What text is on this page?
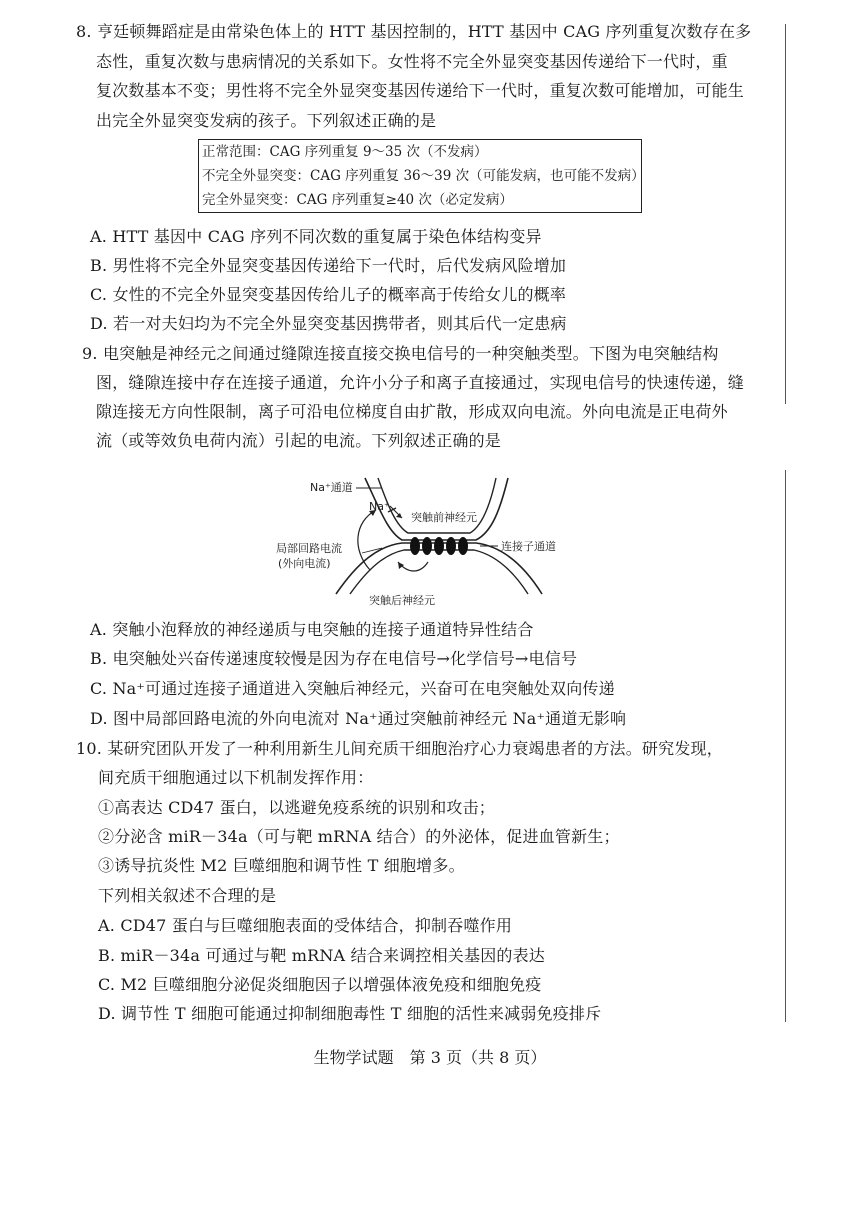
8. 亨廷顿舞蹈症是由常染色体上的 HTT 基因控制的，HTT 基因中 CAG 序列重复次数存在多
态性，重复次数与患病情况的关系如下。女性将不完全外显突变基因传递给下一代时，重
复次数基本不变；男性将不完全外显突变基因传递给下一代时，重复次数可能增加，可能生
出完全外显突变发病的孩子。下列叙述正确的是
正常范围：CAG 序列重复 9～35 次（不发病）
不完全外显突变：CAG 序列重复 36～39 次（可能发病，也可能不发病）
完全外显突变：CAG 序列重复≥40 次（必定发病）
A. HTT 基因中 CAG 序列不同次数的重复属于染色体结构变异
B. 男性将不完全外显突变基因传递给下一代时，后代发病风险增加
C. 女性的不完全外显突变基因传给儿子的概率高于传给女儿的概率
D. 若一对夫妇均为不完全外显突变基因携带者，则其后代一定患病
9. 电突触是神经元之间通过缝隙连接直接交换电信号的一种突触类型。下图为电突触结构
图，缝隙连接中存在连接子通道，允许小分子和离子直接通过，实现电信号的快速传递，缝
隙连接无方向性限制，离子可沿电位梯度自由扩散，形成双向电流。外向电流是正电荷外
流（或等效负电荷内流）引起的电流。下列叙述正确的是
Na⁺通道
Na⁺
突触前神经元
局部回路电流
(外向电流)
连接子通道
突触后神经元
A. 突触小泡释放的神经递质与电突触的连接子通道特异性结合
B. 电突触处兴奋传递速度较慢是因为存在电信号→化学信号→电信号
C. Na⁺可通过连接子通道进入突触后神经元，兴奋可在电突触处双向传递
D. 图中局部回路电流的外向电流对 Na⁺通过突触前神经元 Na⁺通道无影响
10. 某研究团队开发了一种利用新生儿间充质干细胞治疗心力衰竭患者的方法。研究发现，
间充质干细胞通过以下机制发挥作用：
①高表达 CD47 蛋白，以逃避免疫系统的识别和攻击；
②分泌含 miR－34a（可与靶 mRNA 结合）的外泌体，促进血管新生；
③诱导抗炎性 M2 巨噬细胞和调节性 T 细胞增多。
下列相关叙述不合理的是
A. CD47 蛋白与巨噬细胞表面的受体结合，抑制吞噬作用
B. miR－34a 可通过与靶 mRNA 结合来调控相关基因的表达
C. M2 巨噬细胞分泌促炎细胞因子以增强体液免疫和细胞免疫
D. 调节性 T 细胞可能通过抑制细胞毒性 T 细胞的活性来减弱免疫排斥
生物学试题　第 3 页（共 8 页）
